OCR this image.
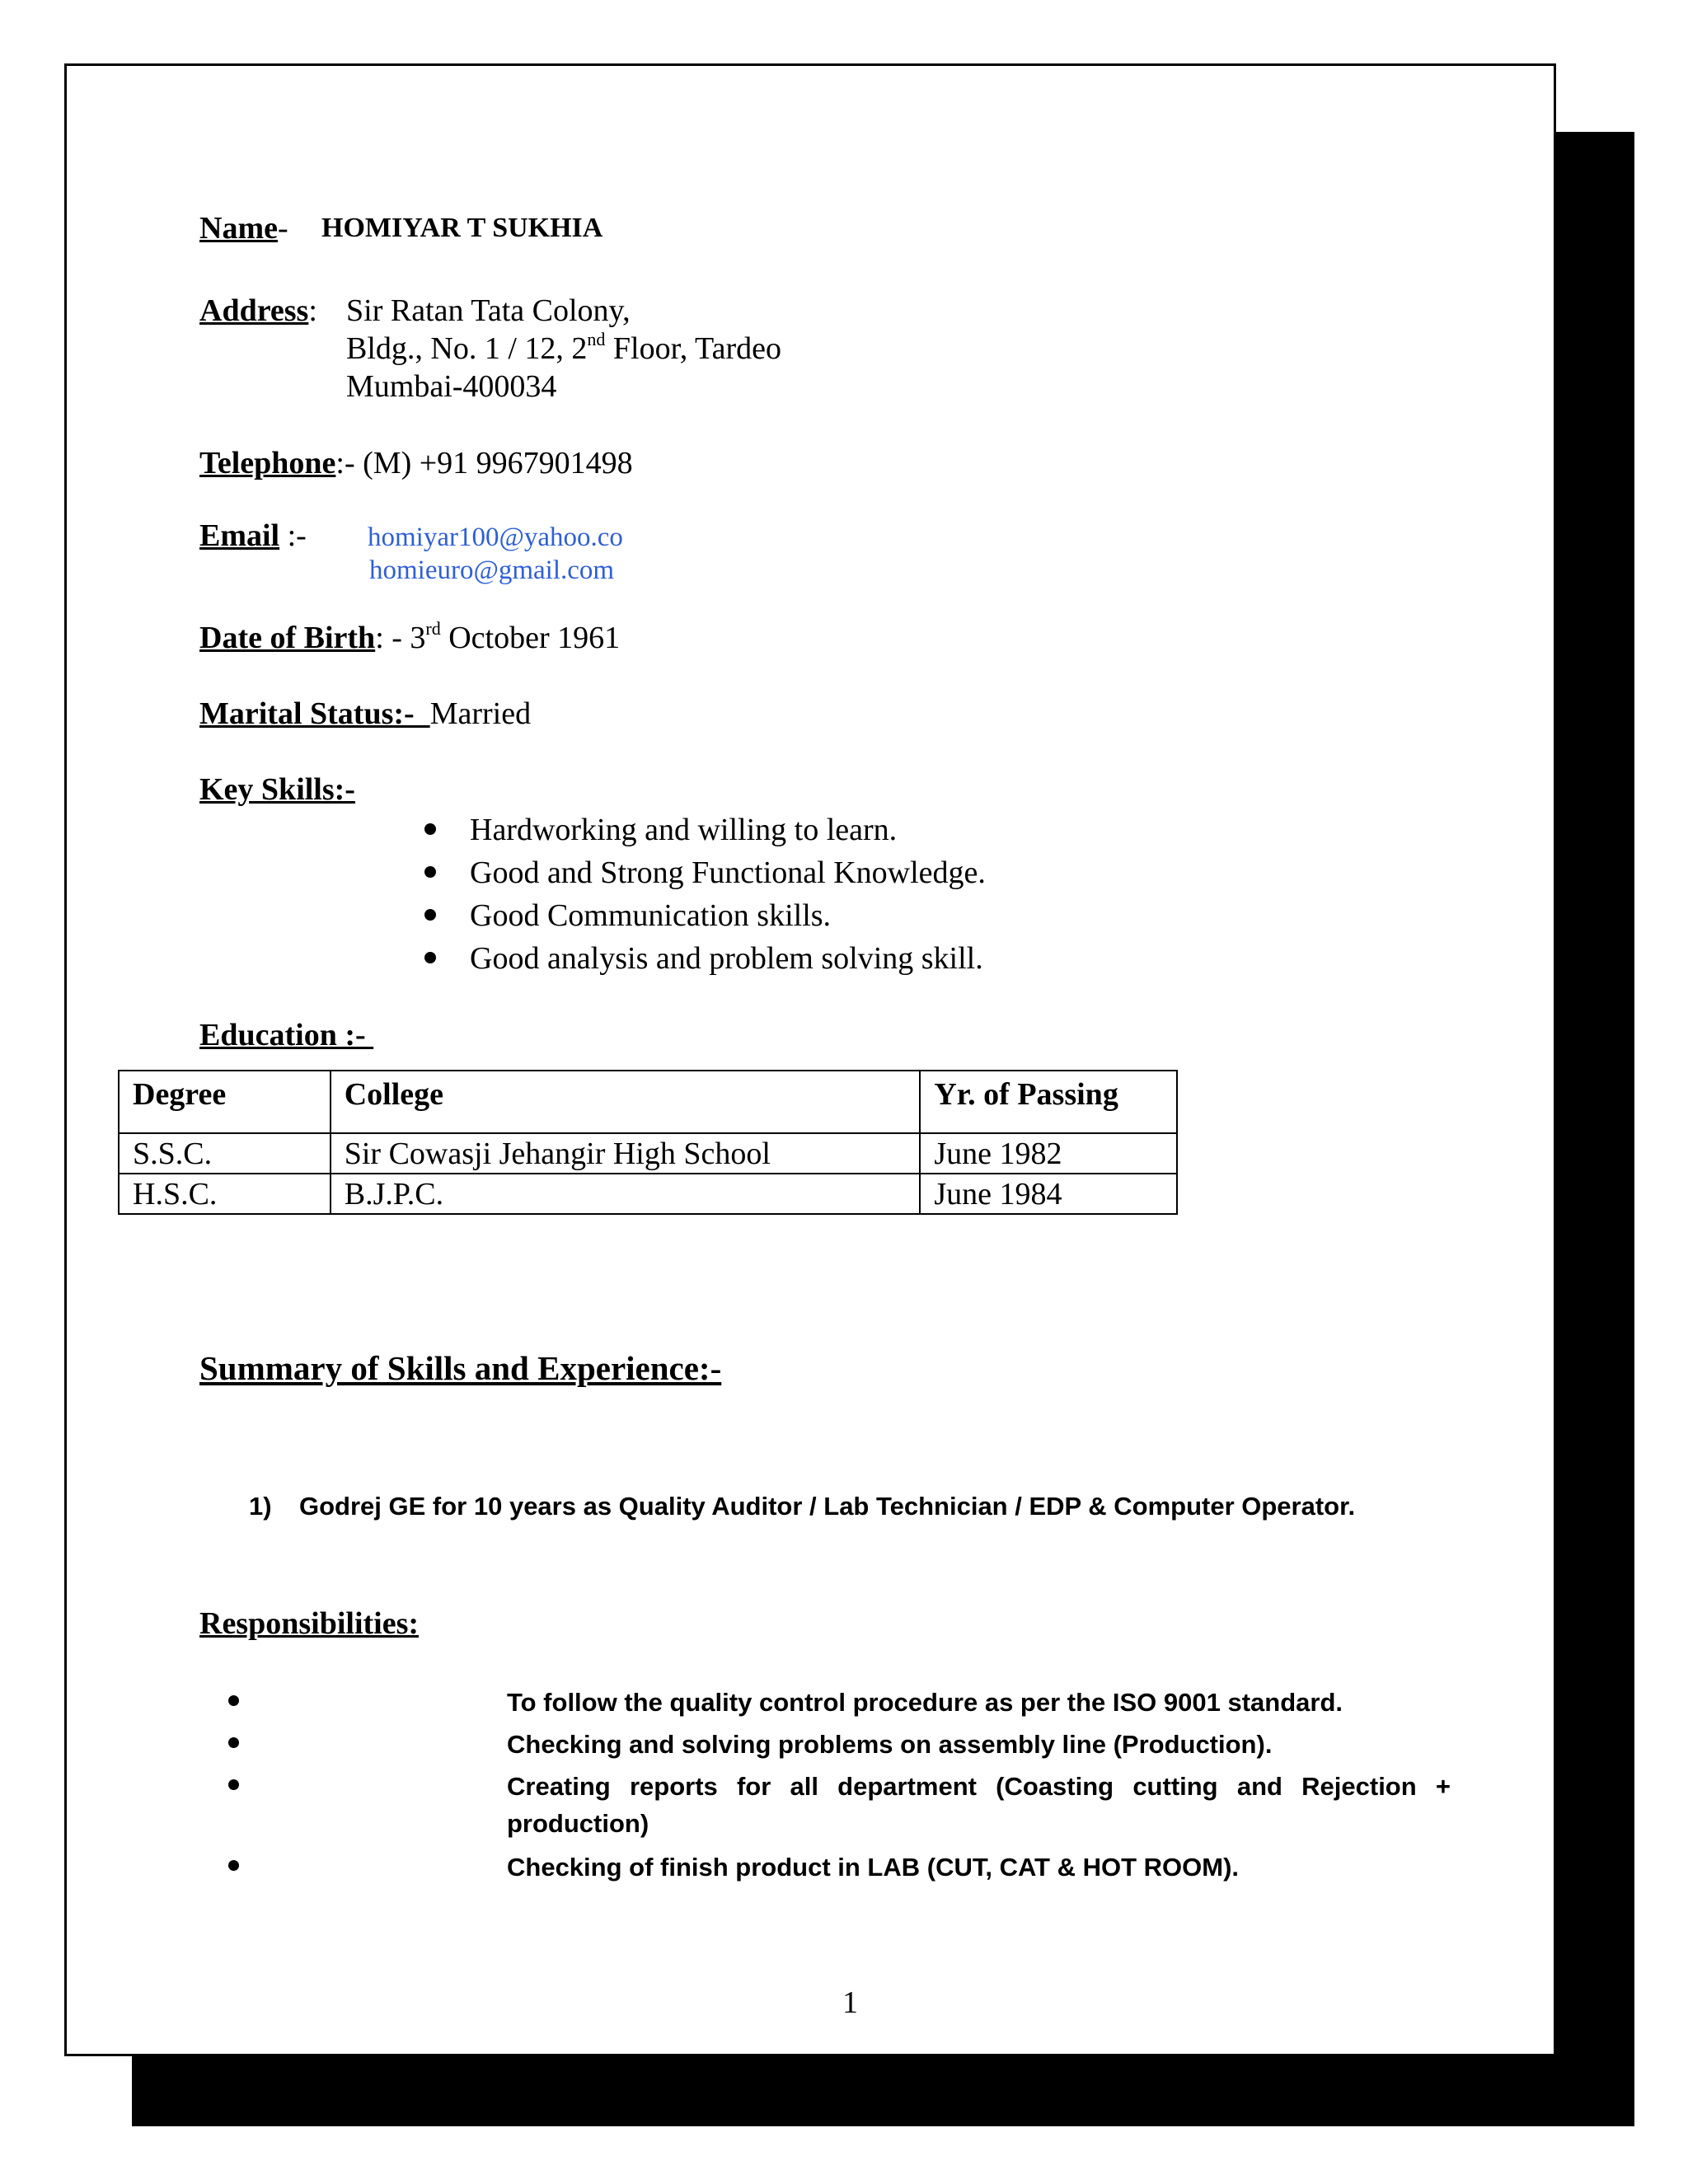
Name- HOMIYAR T SUKHIA
Address: Sir Ratan Tata Colony,
Bldg., No. 1 / 12, 2nd Floor, Tardeo
Mumbai-400034
Telephone:- (M) +91 9967901498
Email :- homiyar100@yahoo.co
homieuro@gmail.com
Date of Birth: - 3rd October 1961
Marital Status:-  Married
Key Skills:-
Hardworking and willing to learn.
Good and Strong Functional Knowledge.
Good Communication skills.
Good analysis and problem solving skill.
Education :-
Degree	College	Yr. of Passing
S.S.C.	Sir Cowasji Jehangir High School	June 1982
H.S.C.	B.J.P.C.	June 1984
Summary of Skills and Experience:-
1) Godrej GE for 10 years as Quality Auditor / Lab Technician / EDP & Computer Operator.
Responsibilities:
To follow the quality control procedure as per the ISO 9001 standard.
Checking and solving problems on assembly line (Production).
Creating reports for all department (Coasting cutting and Rejection + production)
Checking of finish product in LAB (CUT, CAT & HOT ROOM).
1
